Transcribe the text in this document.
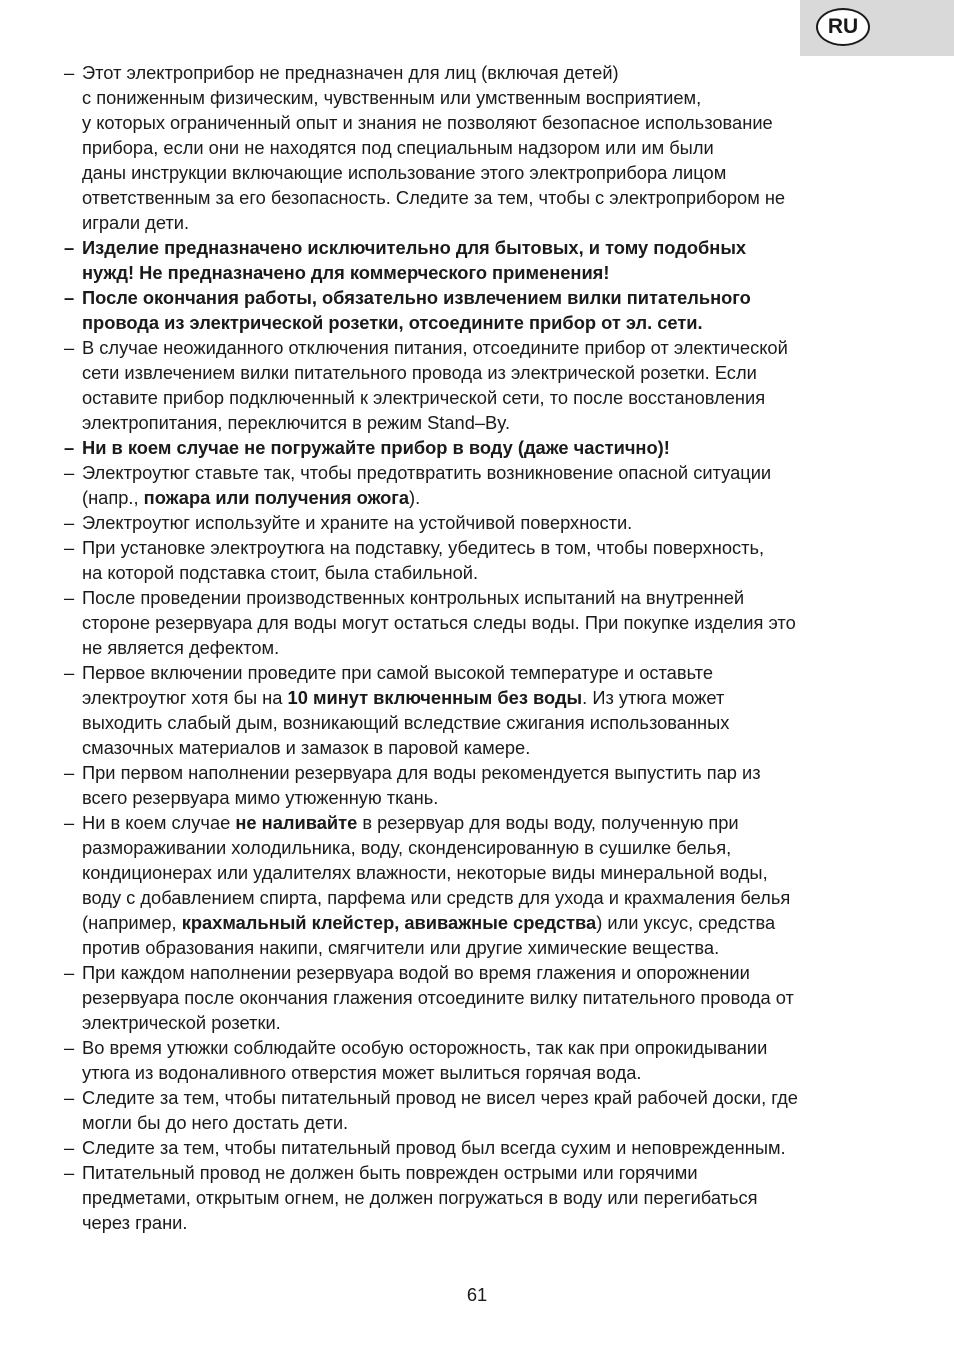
RU
– Этот электроприбор не предназначен для лиц (включая детей)
с пониженным физическим, чувственным или умственным восприятием,
у которых ограниченный опыт и знания не позволяют безопасное использование
прибора, если они не находятся под специальным надзором или им были
даны инструкции включающие использование этого электроприбора лицом
ответственным за его безопасность. Следите за тем, чтобы с электроприбором не
играли дети.
– Изделие предназначено исключительно для бытовых, и тому подобных
нужд! Не предназначено для коммерческого применения!
– После окончания работы, обязательно извлечением вилки питательного
провода из электрической розетки, отсоедините прибор от эл. сети.
– В случае неожиданного отключения питания, отсоедините прибор от электической
сети извлечением вилки питательного провода из электрической розетки. Если
оставите прибор подключенный к электрической сети, то после восстановления
электропитания, переключится в режим Stand–By.
– Ни в коем случае не погружайте прибор в воду (даже частично)!
– Электроутюг ставьте так, чтобы предотвратить возникновение опасной ситуации
(напр., пожара или получения ожога).
– Электроутюг используйте и храните на устойчивой поверхности.
– При установке электроутюга на подставку, убедитесь в том, чтобы поверхность,
на которой подставка стоит, была стабильной.
– После проведении производственных контрольных испытаний на внутренней
стороне резервуара для воды могут остаться следы воды. При покупке изделия это
не является дефектом.
– Первое включении проведите при самой высокой температуре и оставьте
электроутюг хотя бы на 10 минут включенным без воды. Из утюга может
выходить слабый дым, возникающий вследствие сжигания использованных
смазочных материалов и замазок в паровой камере.
– При первом наполнении резервуара для воды рекомендуется выпустить пар из
всего резервуара мимо утюженную ткань.
– Ни в коем случае не наливайте в резервуар для воды воду, полученную при
размораживании холодильника, воду, сконденсированную в сушилке белья,
кондиционерах или удалителях влажности, некоторые виды минеральной воды,
воду с добавлением спирта, парфема или средств для ухода и крахмаления белья
(например, крахмальный клейстер, авиважные средства) или уксус, средства
против образования накипи, смягчители или другие химические вещества.
– При каждом наполнении резервуара водой во время глажения и опорожнении
резервуара после окончания глажения отсоедините вилку питательного провода от
электрической розетки.
– Во время утюжки соблюдайте особую осторожность, так как при опрокидывании
утюга из водоналивного отверстия может вылиться горячая вода.
– Следите за тем, чтобы питательный провод не висел через край рабочей доски, где
могли бы до него достать дети.
– Следите за тем, чтобы питательный провод был всегда сухим и неповрежденным.
– Питательный провод не должен быть поврежден острыми или горячими
предметами, открытым огнем, не должен погружаться в воду или перегибаться
через грани.
61
